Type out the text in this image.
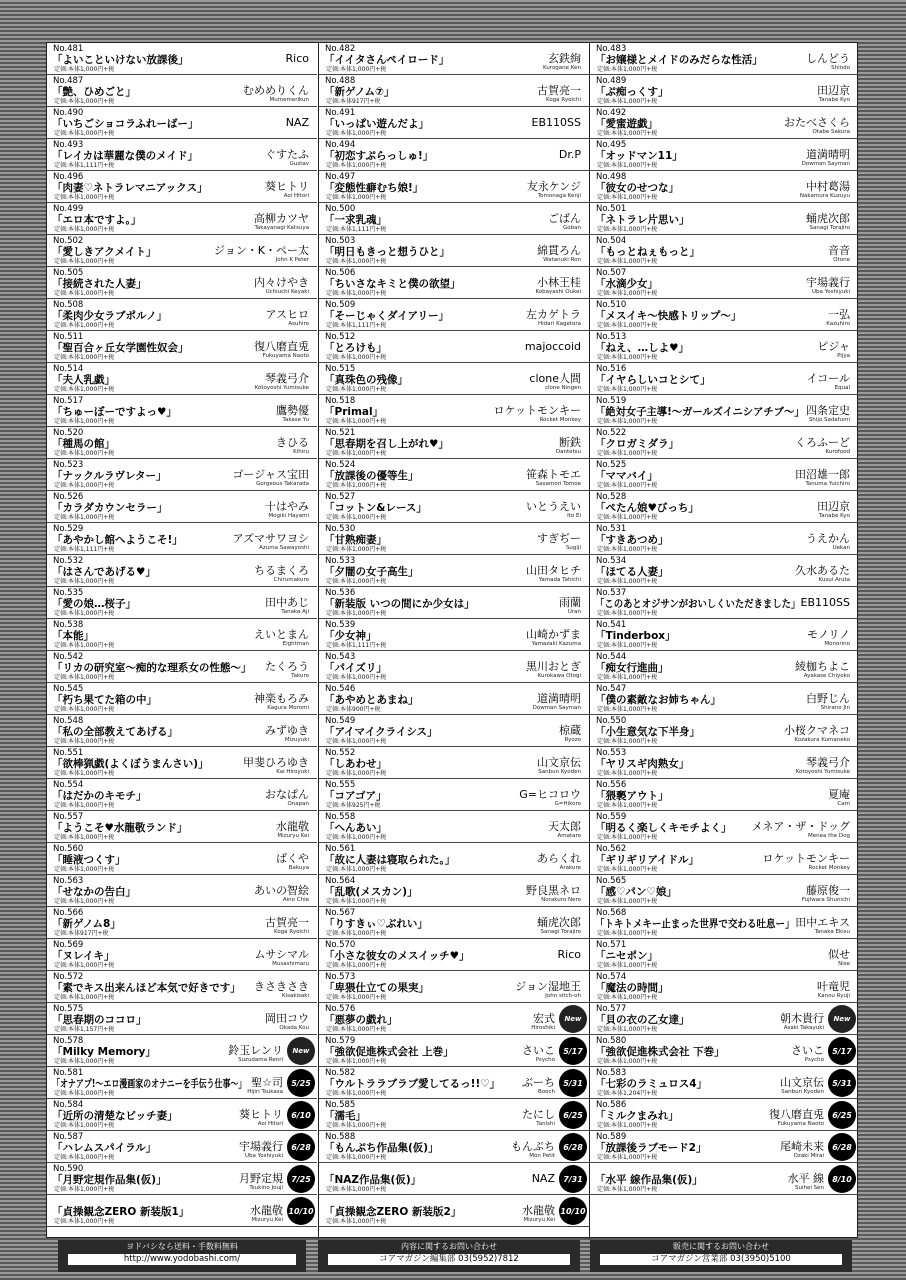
No.481
「よいこといけない放課後」
定価:本体1,000円+税
Rico
No.487
「艶、ひめごと」
定価:本体1,000円+税
むめめりくん
Mumemerikun
No.490
「いちごショコラふれーばー」
定価:本体1,000円+税
NAZ
No.493
「レイカは華麗な僕のメイド」
定価:本体1,111円+税
ぐすたふ
Gustav
No.496
「肉妻♡ネトラレマニアックス」
定価:本体1,000円+税
葵ヒトリ
Aoi Hitori
No.499
「エロ本ですよ。」
定価:本体1,000円+税
高柳カツヤ
Takayanagi Katsuya
No.502
「愛しきアクメイト」
定価:本体1,000円+税
ジョン・K・ペー太
John K Peter
No.505
「接続された人妻」
定価:本体1,000円+税
内々けやき
Uchiuchi Keyaki
No.508
「柔肉少女ラブポルノ」
定価:本体1,000円+税
アスヒロ
Asuhiro
No.511
「聖百合ヶ丘女学園性奴会」
定価:本体1,000円+税
復八磨直兎
Fukuyama Naoto
No.514
「夫人乳戯」
定価:本体1,000円+税
琴義弓介
Kotoyoshi Yumisuke
No.517
「ちゅーぼーですよっ♥」
定価:本体1,000円+税
鷹勢優
Takase Yu
No.520
「種馬の館」
定価:本体1,000円+税
きひる
Kihiru
No.523
「ナックルラヴレター」
定価:本体1,000円+税
ゴージャス宝田
Gorgeous Takarada
No.526
「カラダカウンセラー」
定価:本体1,000円+税
十はやみ
Mogiki Hayami
No.529
「あやかし館へようこそ!」
定価:本体1,111円+税
アズマサワヨシ
Azuma Sawayoshi
No.532
「はさんであげる♥」
定価:本体1,000円+税
ちるまくろ
Chirumakuro
No.535
「愛の娘…桜子」
定価:本体1,000円+税
田中あじ
Tanaka Aji
No.538
「本能」
定価:本体1,000円+税
えいとまん
Eightman
No.542
「リカの研究室〜痴的な理系女の性態〜」
定価:本体1,000円+税
たくろう
Takuro
No.545
「朽ち果てた箱の中」
定価:本体1,000円+税
神楽もろみ
Kagura Moromi
No.548
「私の全部教えてあげる」
定価:本体1,000円+税
みずゆき
Mizuyuki
No.551
「欲棒猟戯(よくぼうまんさい)」
定価:本体1,000円+税
甲斐ひろゆき
Kai Hiroyuki
No.554
「はだかのキモチ」
定価:本体1,000円+税
おなぱん
Onapan
No.557
「ようこそ♥水龍敬ランド」
定価:本体1,000円+税
水龍敬
Mizuryu Kei
No.560
「睡液つくす」
定価:本体1,000円+税
ばくや
Bakuya
No.563
「せなかの告白」
定価:本体1,000円+税
あいの智絵
Aino Chie
No.566
「新ゲノム8」
定価:本体917円+税
古賀亮一
Koga Ryoichi
No.569
「ヌレイキ」
定価:本体1,000円+税
ムサシマル
Musashimaru
No.572
「素でキス出来んほど本気で好きです」
定価:本体1,000円+税
きさきさき
Kisakisaki
No.575
「思春期のココロ」
定価:本体1,157円+税
岡田コウ
Okada Kou
No.578
「Milky Memory」
定価:本体1,000円+税
鈴玉レンリ
Suzudama Renri
New
No.581
「オナアプ!〜エロ漫画家のオナニーを手伝う仕事〜」
定価:本体1,000円+税
聖☆司
Hijiri Tsukasa
5/25
No.584
「近所の清楚なビッチ妻」
定価:本体1,000円+税
葵ヒトリ
Aoi Hitori
6/10
No.587
「ハレムスパイラル」
定価:本体1,000円+税
宇場義行
Uba Yoshiyuki
6/28
No.590
「月野定規作品集(仮)」
定価:本体1,000円+税
月野定規
Tsukino Jouji
7/25
「貞操観念ZERO 新装版1」
定価:本体1,000円+税
水龍敬
Mizuryu Kei
10/10
No.482
「イイタさんペイロード」
定価:本体1,000円+税
玄鉄絢
Kurogane Ken
No.488
「新ゲノム⑦」
定価:本体917円+税
古賀亮一
Koga Ryoichi
No.491
「いっぱい遊んだよ」
定価:本体1,000円+税
EB110SS
No.494
「初恋すぷらっしゅ!」
定価:本体1,000円+税
Dr.P
No.497
「変態性癖むち娘!」
定価:本体1,000円+税
友永ケンジ
Tomonaga Kenji
No.500
「一求乳魂」
定価:本体1,111円+税
ごばん
Goban
No.503
「明日もきっと想うひと」
定価:本体1,000円+税
綿貫ろん
Watanuki Ron
No.506
「ちいさなキミと僕の欲望」
定価:本体1,000円+税
小林王桂
Kobayashi Oukei
No.509
「そーじゃくダイアリー」
定価:本体1,111円+税
左カゲトラ
Hidari Kagetora
No.512
「とろけも」
定価:本体1,000円+税
majoccoid
No.515
「真珠色の残像」
定価:本体1,000円+税
clone人間
clone Ningen
No.518
「Primal」
定価:本体1,000円+税
ロケットモンキー
Rocket Monkey
No.521
「思春期を召し上がれ♥」
定価:本体1,000円+税
断鉄
Dantetsu
No.524
「放課後の優等生」
定価:本体1,000円+税
笹森トモエ
Sasamori Tomoe
No.527
「コットン&レース」
定価:本体1,000円+税
いとうえい
Ito Ei
No.530
「甘熟痴妻」
定価:本体1,000円+税
すぎぢー
Sugiji
No.533
「夕闇の女子高生」
定価:本体1,000円+税
山田タヒチ
Yamada Tahichi
No.536
「新装版 いつの間にか少女は」
定価:本体1,000円+税
雨蘭
Uran
No.539
「少女神」
定価:本体1,111円+税
山崎かずま
Yamazaki Kazuma
No.543
「パイズリ」
定価:本体1,000円+税
黒川おとぎ
Kurokawa Otogi
No.546
「あやめとあまね」
定価:本体900円+税
道満晴明
Dowman Sayman
No.549
「アイマイクライシス」
定価:本体1,000円+税
椋蔵
Ryozo
No.552
「しあわせ」
定価:本体1,000円+税
山文京伝
Sanbun Kyoden
No.555
「コアゴア」
定価:本体925円+税
G=ヒコロウ
G=Hikoro
No.558
「へんあい」
定価:本体1,000円+税
天太郎
Amataro
No.561
「故に人妻は寝取られた。」
定価:本体1,000円+税
あらくれ
Arakure
No.564
「乱歌(メスカン)」
定価:本体1,000円+税
野良黒ネロ
Norakuro Nero
No.567
「りすきぃ♡ぶれい」
定価:本体1,000円+税
蛹虎次郎
Sanagi Torajiro
No.570
「小さな彼女のメスイッチ♥」
定価:本体1,000円+税
Rico
No.573
「卑猥仕立ての果実」
定価:本体1,000円+税
ジョン湿地王
John sitch-oh
No.576
「悪夢の戯れ」
定価:本体1,000円+税
宏式
Hiroshiki
New
No.579
「強欲促進株式会社 上巻」
定価:本体1,000円+税
さいこ
Psycho
5/17
No.582
「ウルトララブラブ愛してるっ!!♡」
定価:本体1,000円+税
ぶーち
Booch
5/31
No.585
「濡毛」
定価:本体1,000円+税
たにし
Tanishi
6/25
No.588
「もんぷち作品集(仮)」
定価:本体1,000円+税
もんぷち
Mon Petit
6/28
「NAZ作品集(仮)」
定価:本体1,000円+税
NAZ	7/31
「貞操観念ZERO 新装版2」
定価:本体1,000円+税
水龍敬
Mizuryu Kei
10/10
No.483
「お嬢様とメイドのみだらな性活」
定価:本体1,000円+税
しんどう
Shindo
No.489
「ぷ痴っくす」
定価:本体1,000円+税
田辺京
Tanabe Kyo
No.492
「愛蜜遊戯」
定価:本体1,000円+税
おたべさくら
Otabe Sakura
No.495
「オッドマン11」
定価:本体1,000円+税
道満晴明
Dowman Sayman
No.498
「彼女のせつな」
定価:本体1,000円+税
中村葛湯
Nakamura Kuzuyu
No.501
「ネトラレ片思い」
定価:本体1,000円+税
蛹虎次郎
Sanagi Torajiro
No.504
「もっとねぇもっと」
定価:本体1,000円+税
音音
Otone
No.507
「水滴少女」
定価:本体1,000円+税
宇場義行
Uba Yoshiyuki
No.510
「メスイキ〜快感トリップ〜」
定価:本体1,000円+税
一弘
Kazuhiro
No.513
「ねえ、…しよ♥」
定価:本体1,000円+税
ピジャ
Pijya
No.516
「イヤらしいコとシて」
定価:本体1,000円+税
イコール
Equal
No.519
「絶対女子主導!〜ガールズイニシアチブ〜」
定価:本体1,000円+税
四条定史
Shijo Sadafumi
No.522
「クロガミダラ」
定価:本体1,000円+税
くろふーど
Kurofood
No.525
「ママバイ」
定価:本体1,000円+税
田沼雄一郎
Tanuma Yuichiro
No.528
「ぺたん娘♥びっち」
定価:本体1,000円+税
田辺京
Tanabe Kyo
No.531
「すきあつめ」
定価:本体1,000円+税
うえかん
Uekan
No.534
「ほてる人妻」
定価:本体1,000円+税
久水あるた
Kusui Aruta
No.537
「このあとオジサンがおいしくいただきました」
定価:本体1,000円+税
EB110SS
No.541
「Tinderbox」
定価:本体1,000円+税
モノリノ
Monorino
No.544
「痴女行進曲」
定価:本体1,000円+税
綾枷ちよこ
Ayakase Chiyoko
No.547
「僕の素敵なお姉ちゃん」
定価:本体1,000円+税
白野じん
Shirano Jin
No.550
「小生意気な下半身」
定価:本体1,000円+税
小桜クマネコ
Kozakura Kumaneko
No.553
「ヤリスギ肉熟女」
定価:本体1,000円+税
琴義弓介
Kotoyoshi Yumisuke
No.556
「猥褻アウト」
定価:本体1,000円+税
夏庵
Cam
No.559
「明るく楽しくキモチよく」
定価:本体1,000円+税
メネア・ザ・ドッグ
Menea the Dog
No.562
「ギリギリアイドル」
定価:本体1,000円+税
ロケットモンキー
Rocket Monkey
No.565
「感♡パン♡娘」
定価:本体1,000円+税
藤原俊一
Fujiwara Shunichi
No.568
「トキトメキー止まった世界で交わる吐息ー」
定価:本体1,000円+税
田中エキス
Tanaka Ekisu
No.571
「ニセポン」
定価:本体1,000円+税
似せ
Nise
No.574
「魔法の時間」
定価:本体1,000円+税
叶竜児
Kanou Ryuji
No.577
「貝の衣の乙女達」
定価:本体1,000円+税
朝木貴行
Asaki Takayuki
New
No.580
「強欲促進株式会社 下巻」
定価:本体1,000円+税
さいこ
Psycho
5/17
No.583
「七彩のラミュロス4」
定価:本体1,204円+税
山文京伝
Sanbun Kyoden
5/31
No.586
「ミルクまみれ」
定価:本体1,000円+税
復八磨直兎
Fukuyama Naoto
6/25
No.589
「放課後ラブモード2」
定価:本体1,000円+税
尾崎未来
Ozaki Mirai
6/28
「水平 線作品集(仮)」
定価:本体1,000円+税
水平 線
Suihei Sen
8/10
ヨドバシなら送料・手数料無料
http://www.yodobashi.com/
内容に関するお問い合わせ
コアマガジン編集部 03(5952)7812
販売に関するお問い合わせ
コアマガジン営業部 03(3950)5100
